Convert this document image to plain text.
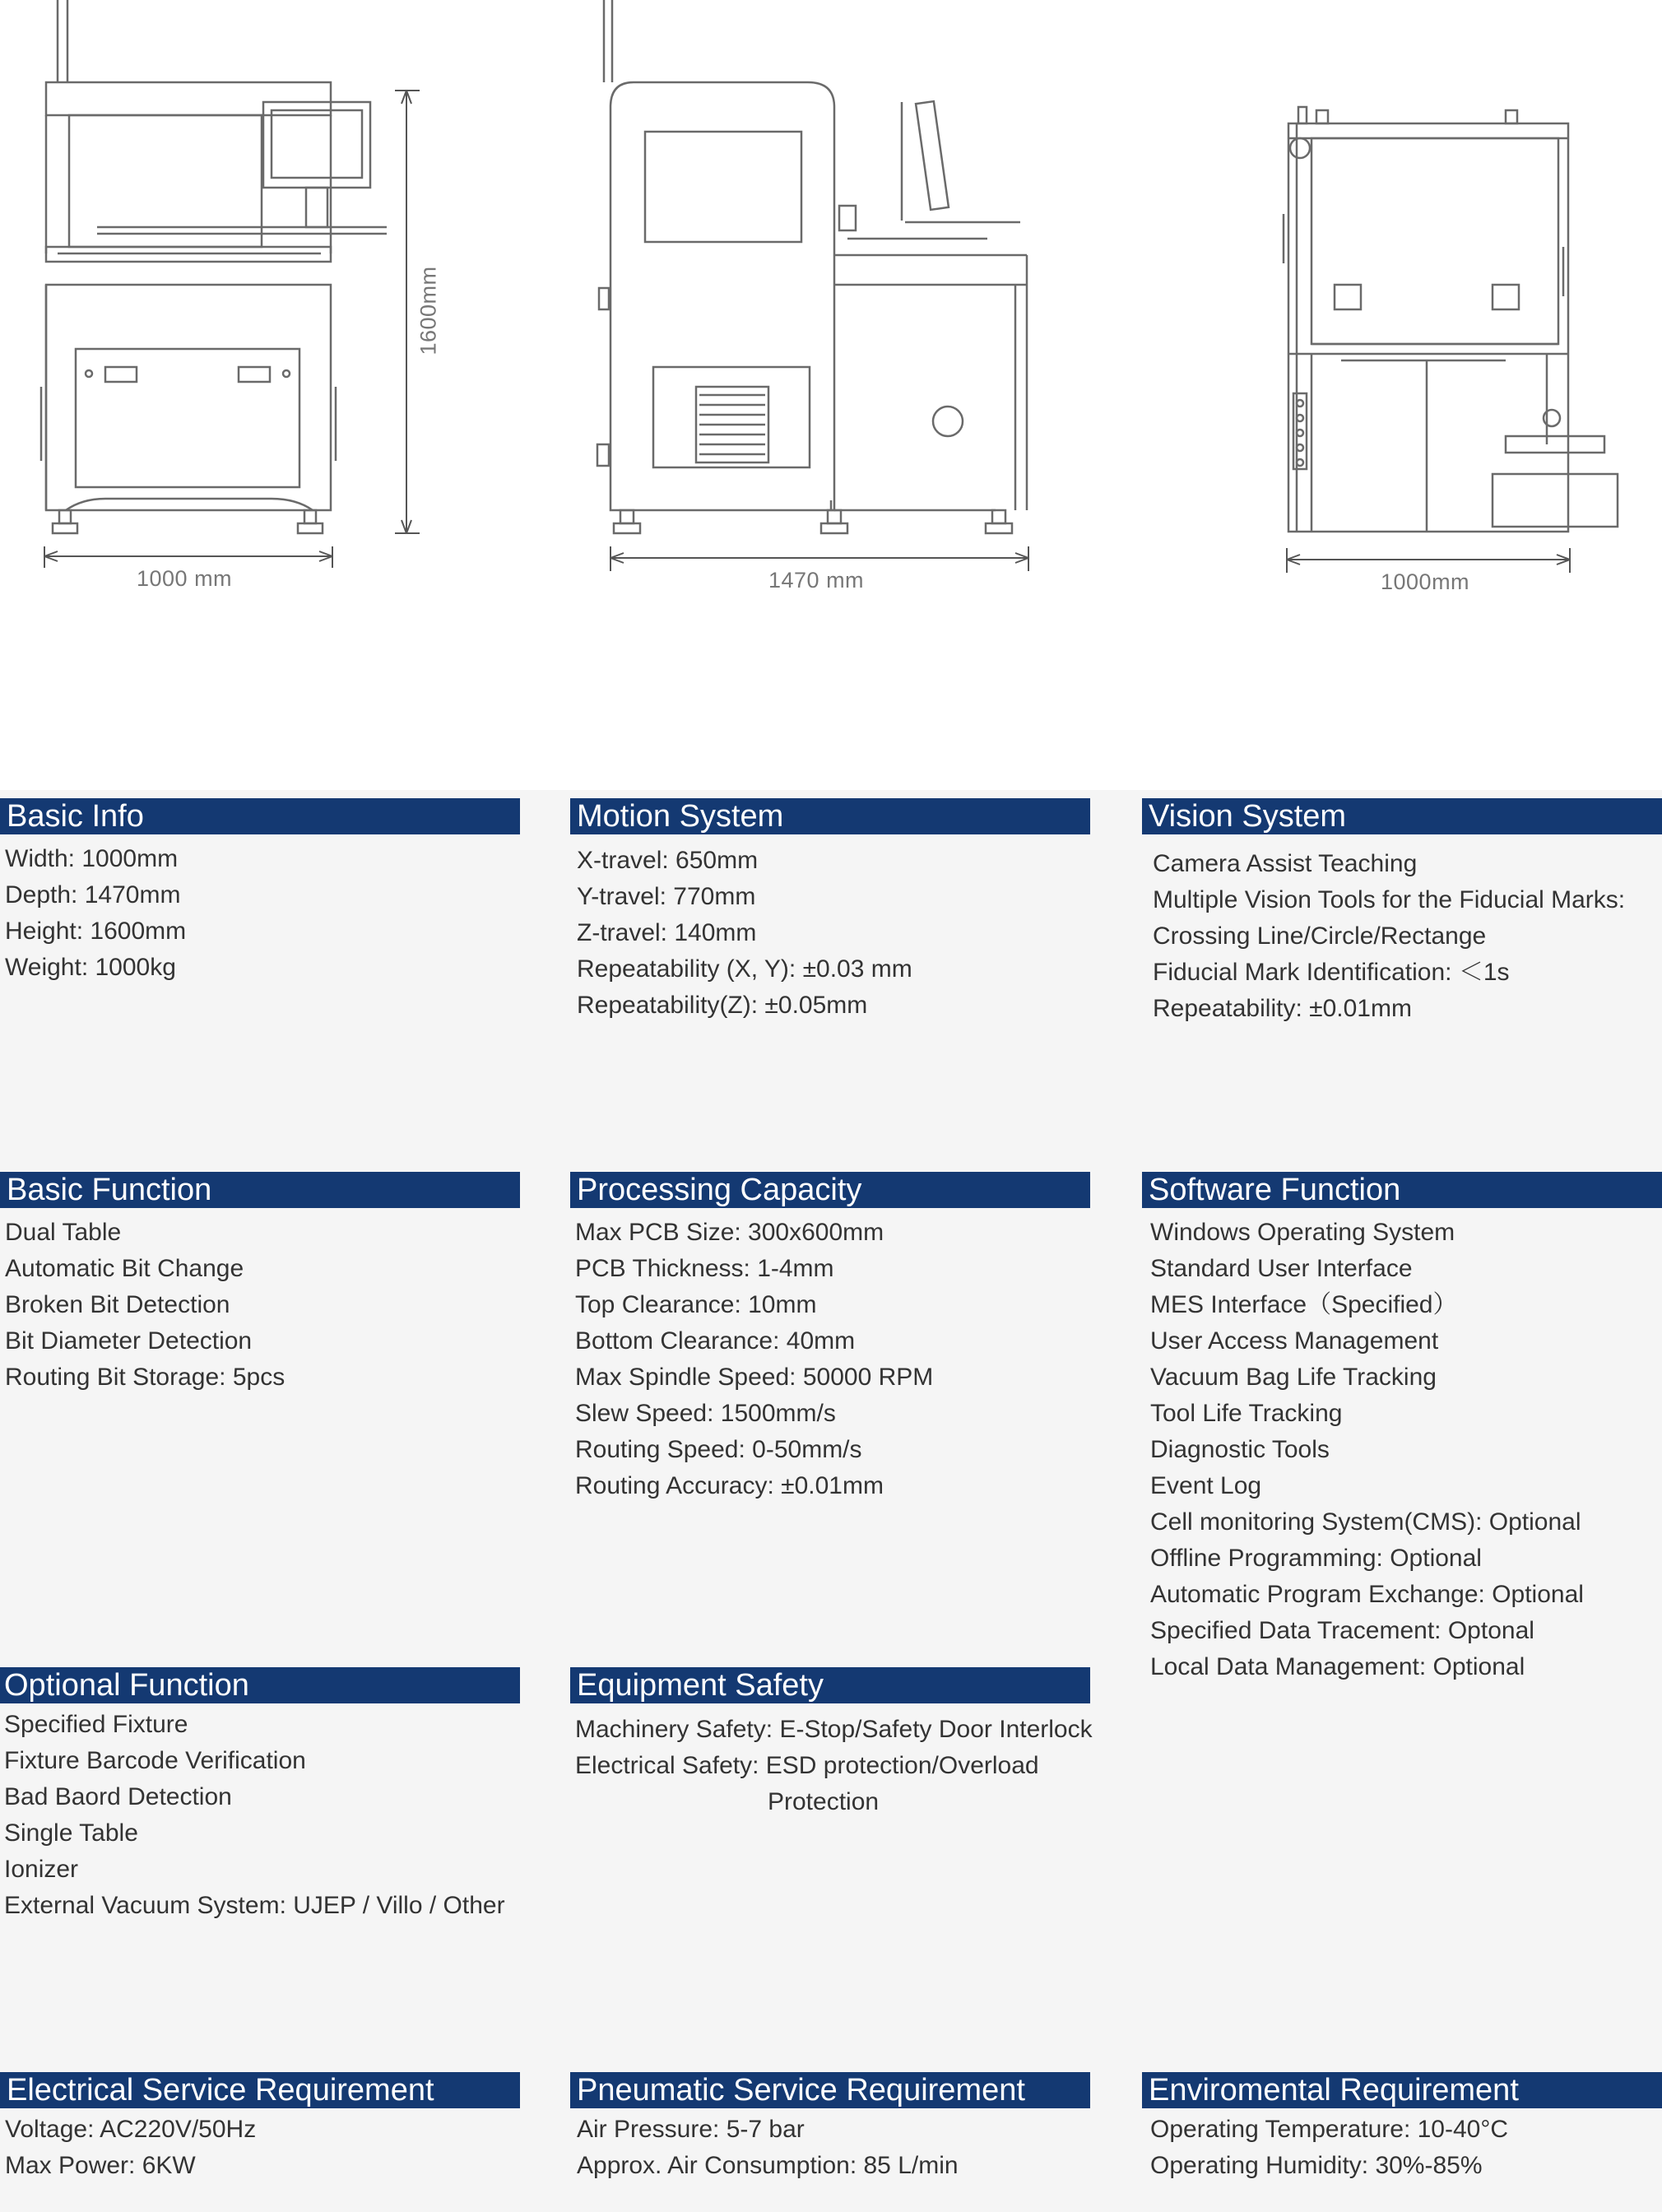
1000 mm
1600mm
1470 mm	1000mm
Basic Info
Width: 1000mm
Depth: 1470mm
Height: 1600mm
Weight: 1000kg
Motion System
X-travel: 650mm
Y-travel: 770mm
Z-travel: 140mm
Repeatability (X, Y): ±0.03 mm
Repeatability(Z): ±0.05mm
Vision System
Camera Assist Teaching
Multiple Vision Tools for the Fiducial Marks:
Crossing Line/Circle/Rectange
Fiducial Mark Identification: ＜1s
Repeatability: ±0.01mm
Basic Function
Dual Table
Automatic Bit Change
Broken Bit Detection
Bit Diameter Detection
Routing Bit Storage: 5pcs
Processing Capacity
Max PCB Size: 300x600mm
PCB Thickness: 1-4mm
Top Clearance: 10mm
Bottom Clearance: 40mm
Max Spindle Speed: 50000 RPM
Slew Speed: 1500mm/s
Routing Speed: 0-50mm/s
Routing Accuracy: ±0.01mm
Software Function
Windows Operating System
Standard User Interface
MES Interface（Specified）
User Access Management
Vacuum Bag Life Tracking
Tool Life Tracking
Diagnostic Tools
Event Log
Cell monitoring System(CMS): Optional
Offline Programming: Optional
Automatic Program Exchange: Optional
Specified Data Tracement: Optonal
Local Data Management: Optional
Optional Function
Specified Fixture
Fixture Barcode Verification
Bad Baord Detection
Single Table
Ionizer
External Vacuum System: UJEP / Villo / Other
Equipment Safety
Machinery Safety: E-Stop/Safety Door Interlock
Electrical Safety: ESD protection/Overload
Protection
Electrical Service Requirement
Voltage: AC220V/50Hz
Max Power: 6KW
Pneumatic Service Requirement
Air Pressure: 5-7 bar
Approx. Air Consumption: 85 L/min
Enviromental Requirement
Operating Temperature: 10-40°C
Operating Humidity: 30%-85%
